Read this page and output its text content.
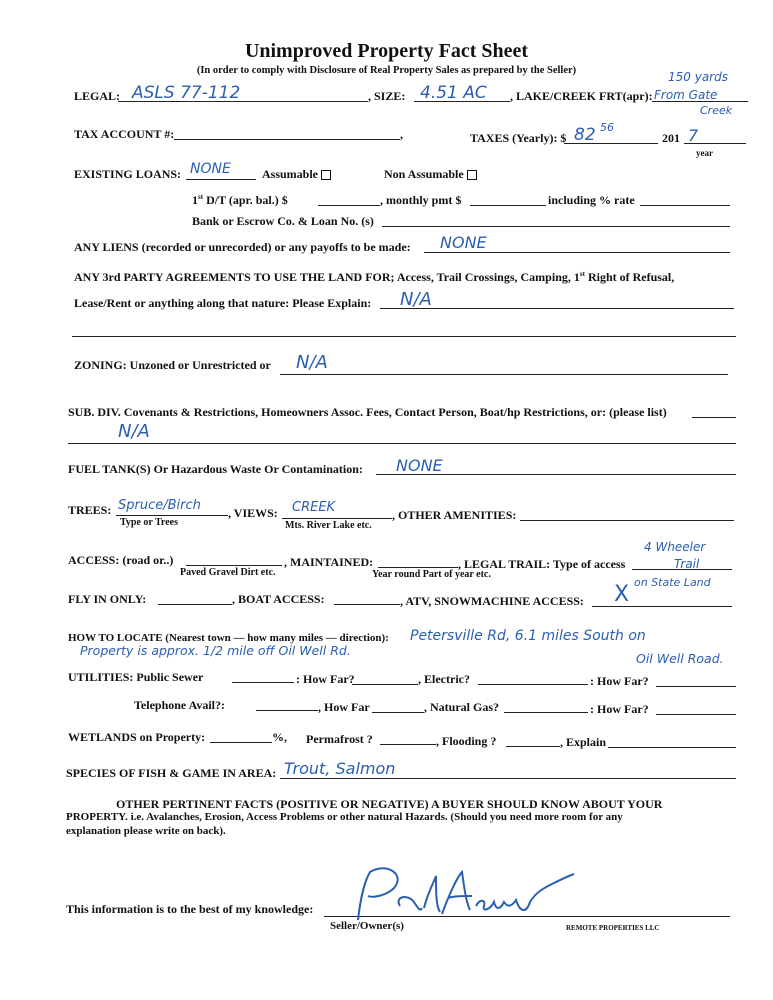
Unimproved Property Fact Sheet
(In order to comply with Disclosure of Real Property Sales as prepared by the Seller)
LEGAL: ASLS 77-112	, SIZE: 4.51 AC , LAKE/CREEK FRT(apr):
150 yards
From Gate
Creek
TAX ACCOUNT #:	,	TAXES (Yearly): $ 82 56
201 7
year
EXISTING LOANS: NONE	Assumable	Non Assumable
1st D/T (apr. bal.) $	, monthly pmt $	including % rate
Bank or Escrow Co. & Loan No. (s)
ANY LIENS (recorded or unrecorded) or any payoffs to be made: NONE
ANY 3rd PARTY AGREEMENTS TO USE THE LAND FOR; Access, Trail Crossings, Camping, 1st Right of Refusal,
Lease/Rent or anything along that nature: Please Explain: N/A
ZONING: Unzoned or Unrestricted or N/A
SUB. DIV. Covenants & Restrictions, Homeowners Assoc. Fees, Contact Person, Boat/hp Restrictions, or: (please list)
N/A
FUEL TANK(S) Or Hazardous Waste Or Contamination: NONE
TREES: Spruce/Birch
Type or Trees
, VIEWS: CREEK
Mts. River Lake etc.
, OTHER AMENITIES:
ACCESS: (road or..)
Paved Gravel Dirt etc.
, MAINTAINED:
Year round Part of year etc.
, LEGAL TRAIL: Type of access
4 Wheeler
Trail
on State Land
FLY IN ONLY:	, BOAT ACCESS:	, ATV, SNOWMACHINE ACCESS: X
HOW TO LOCATE (Nearest town — how many miles — direction): Petersville Rd, 6.1 miles South on
Property is approx. 1/2 mile off Oil Well Rd.
Oil Well Road.
UTILITIES: Public Sewer	: How Far?	, Electric?	: How Far?
Telephone Avail?:	, How Far	, Natural Gas?	: How Far?
WETLANDS on Property:	%, Permafrost ?	, Flooding ?	, Explain
SPECIES OF FISH & GAME IN AREA: Trout, Salmon
OTHER PERTINENT FACTS (POSITIVE OR NEGATIVE) A BUYER SHOULD KNOW ABOUT YOUR
PROPERTY. i.e. Avalanches, Erosion, Access Problems or other natural Hazards. (Should you need more room for any
explanation please write on back).
This information is to the best of my knowledge:
Seller/Owner(s)	REMOTE PROPERTIES LLC
